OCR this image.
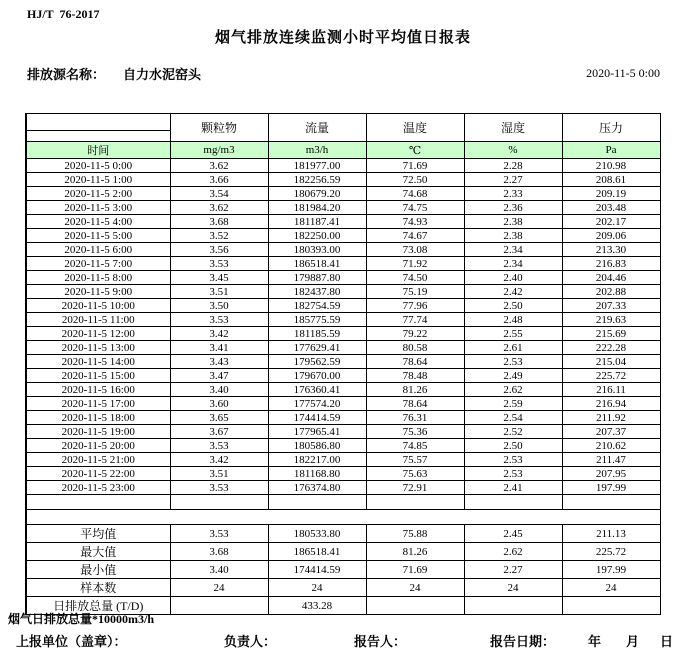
HJ/T  76-2017
烟气排放连续监测小时平均值日报表
排放源名称： 自力水泥窑头	2020-11-5 0:00
	颗粒物	流量	温度	湿度	压力

时间	mg/m3	m3/h	℃	%	Pa
2020-11-5 0:00	3.62	181977.00	71.69	2.28	210.98
2020-11-5 1:00	3.66	182256.59	72.50	2.27	208.61
2020-11-5 2:00	3.54	180679.20	74.68	2.33	209.19
2020-11-5 3:00	3.62	181984.20	74.75	2.36	203.48
2020-11-5 4:00	3.68	181187.41	74.93	2.38	202.17
2020-11-5 5:00	3.52	182250.00	74.67	2.38	209.06
2020-11-5 6:00	3.56	180393.00	73.08	2.34	213.30
2020-11-5 7:00	3.53	186518.41	71.92	2.34	216.83
2020-11-5 8:00	3.45	179887.80	74.50	2.40	204.46
2020-11-5 9:00	3.51	182437.80	75.19	2.42	202.88
2020-11-5 10:00	3.50	182754.59	77.96	2.50	207.33
2020-11-5 11:00	3.53	185775.59	77.74	2.48	219.63
2020-11-5 12:00	3.42	181185.59	79.22	2.55	215.69
2020-11-5 13:00	3.41	177629.41	80.58	2.61	222.28
2020-11-5 14:00	3.43	179562.59	78.64	2.53	215.04
2020-11-5 15:00	3.47	179670.00	78.48	2.49	225.72
2020-11-5 16:00	3.40	176360.41	81.26	2.62	216.11
2020-11-5 17:00	3.60	177574.20	78.64	2.59	216.94
2020-11-5 18:00	3.65	174414.59	76.31	2.54	211.92
2020-11-5 19:00	3.67	177965.41	75.36	2.52	207.37
2020-11-5 20:00	3.53	180586.80	74.85	2.50	210.62
2020-11-5 21:00	3.42	182217.00	75.57	2.53	211.47
2020-11-5 22:00	3.51	181168.80	75.63	2.53	207.95
2020-11-5 23:00	3.53	176374.80	72.91	2.41	197.99

平均值	3.53	180533.80	75.88	2.45	211.13
最大值	3.68	186518.41	81.26	2.62	225.72
最小值	3.40	174414.59	71.69	2.27	197.99
样本数	24	24	24	24	24
日排放总量 (T/D)		433.28			
烟气日排放总量*10000m3/h
上报单位（盖章）：	负责人：	报告人：	报告日期：	年 月 日
